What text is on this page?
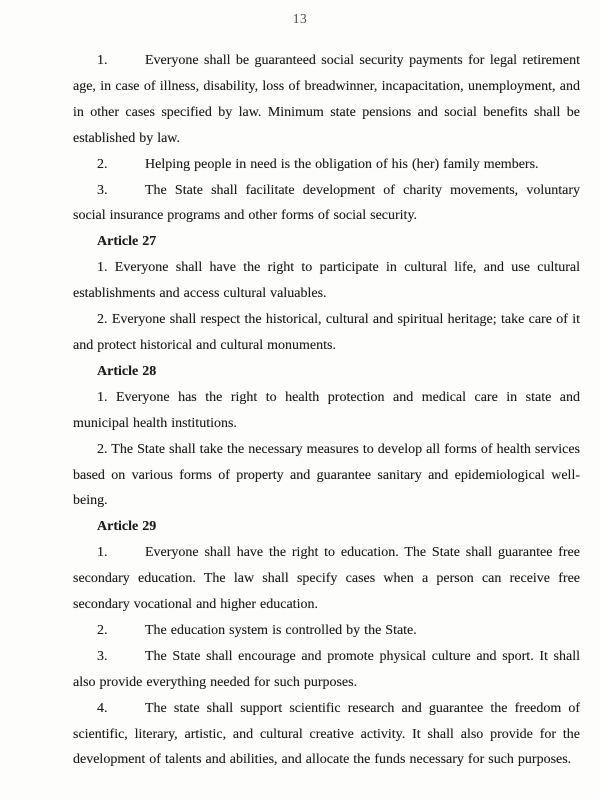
13

1.	Everyone shall be guaranteed social security payments for legal retirement age, in case of illness, disability, loss of breadwinner, incapacitation, unemployment, and in other cases specified by law. Minimum state pensions and social benefits shall be established by law.

2.	Helping people in need is the obligation of his (her) family members.

3.	The State shall facilitate development of charity movements, voluntary social insurance programs and other forms of social security.

Article 27

1. Everyone shall have the right to participate in cultural life, and use cultural establishments and access cultural valuables.

2. Everyone shall respect the historical, cultural and spiritual heritage; take care of it and protect historical and cultural monuments.

Article 28

1. Everyone has the right to health protection and medical care in state and municipal health institutions.

2. The State shall take the necessary measures to develop all forms of health services based on various forms of property and guarantee sanitary and epidemiological well-being.

Article 29

1.	Everyone shall have the right to education. The State shall guarantee free secondary education. The law shall specify cases when a person can receive free secondary vocational and higher education.

2.	The education system is controlled by the State.

3.	The State shall encourage and promote physical culture and sport. It shall also provide everything needed for such purposes.

4.	The state shall support scientific research and guarantee the freedom of scientific, literary, artistic, and cultural creative activity. It shall also provide for the development of talents and abilities, and allocate the funds necessary for such purposes.
